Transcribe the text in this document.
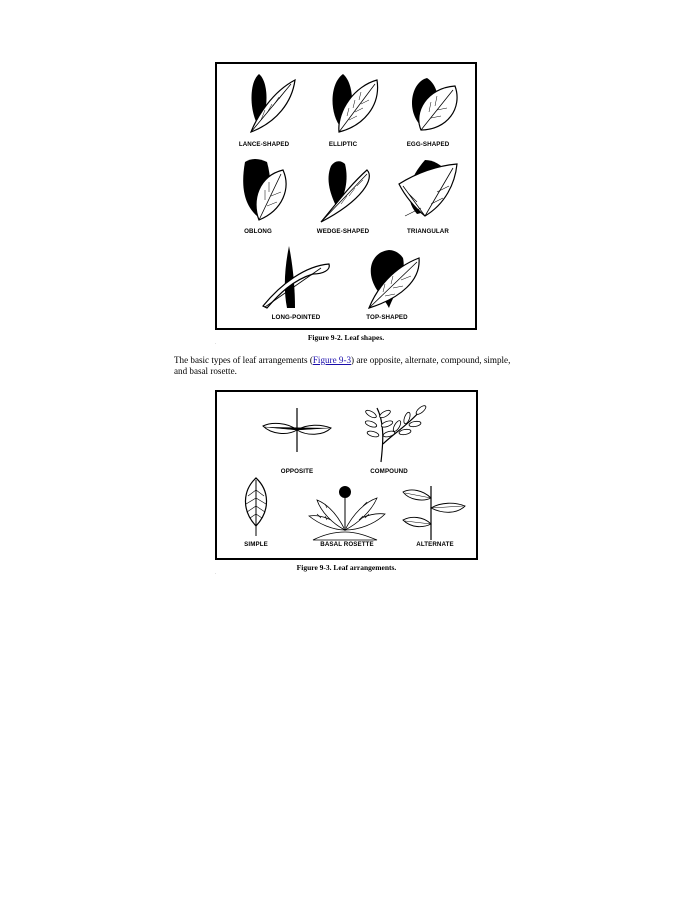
LANCE-SHAPED	ELLIPTIC	EGG-SHAPED
OBLONG	WEDGE-SHAPED	TRIANGULAR
LONG-POINTED	TOP-SHAPED
Figure 9-2. Leaf shapes.
.

The basic types of leaf arrangements (Figure 9-3) are opposite, alternate, compound, simple, and basal rosette.

OPPOSITE	COMPOUND
SIMPLE	BASAL ROSETTE	ALTERNATE
Figure 9-3. Leaf arrangements.
.
